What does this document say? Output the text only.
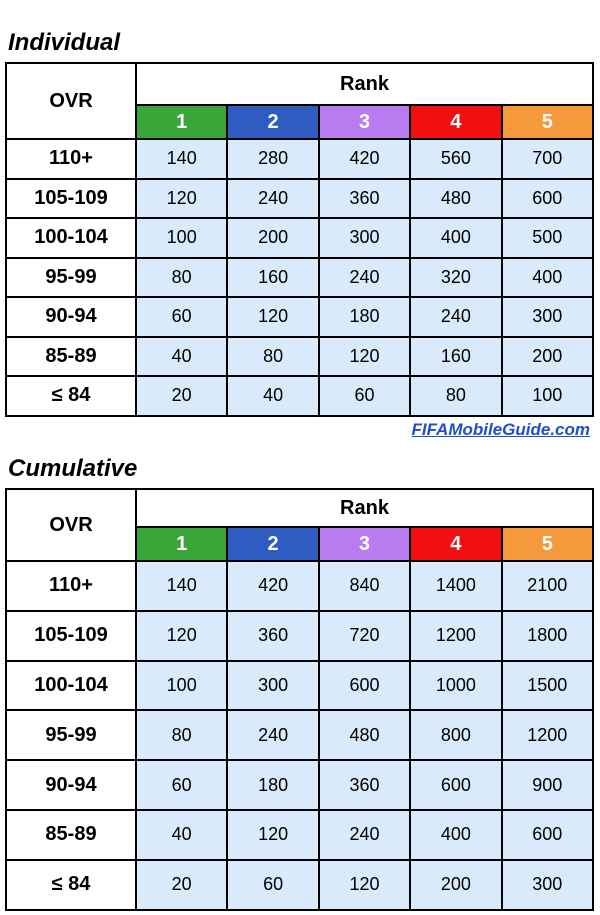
Individual
OVR	Rank				
	1	2	3	4	5
110+	140	280	420	560	700
105-109	120	240	360	480	600
100-104	100	200	300	400	500
95-99	80	160	240	320	400
90-94	60	120	180	240	300
85-89	40	80	120	160	200
≤ 84	20	40	60	80	100
FIFAMobileGuide.com
Cumulative
OVR	Rank				
	1	2	3	4	5
110+	140	420	840	1400	2100
105-109	120	360	720	1200	1800
100-104	100	300	600	1000	1500
95-99	80	240	480	800	1200
90-94	60	180	360	600	900
85-89	40	120	240	400	600
≤ 84	20	60	120	200	300
